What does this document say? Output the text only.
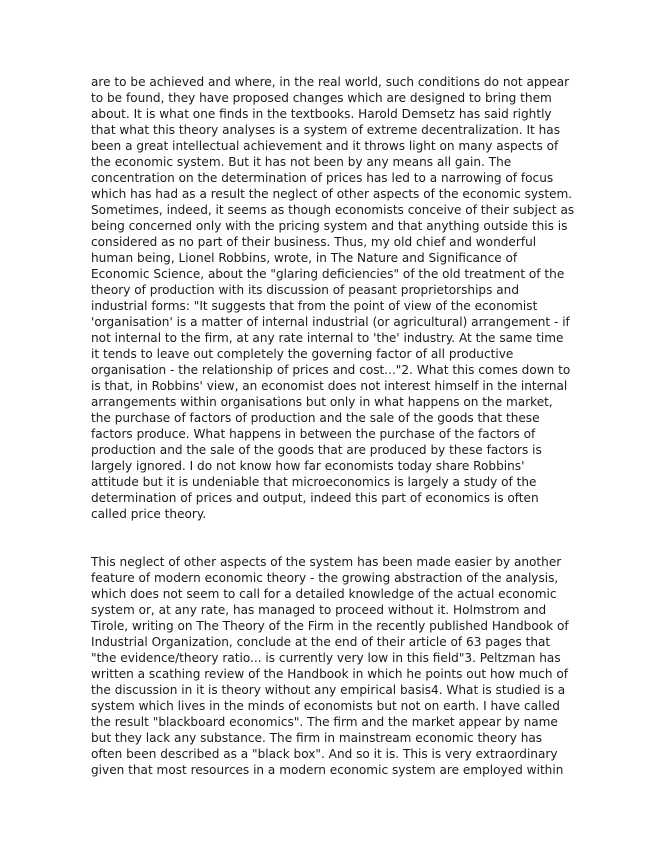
are to be achieved and where, in the real world, such conditions do not appear

to be found, they have proposed changes which are designed to bring them

about. It is what one finds in the textbooks. Harold Demsetz has said rightly

that what this theory analyses is a system of extreme decentralization. It has

been a great intellectual achievement and it throws light on many aspects of

the economic system. But it has not been by any means all gain. The

concentration on the determination of prices has led to a narrowing of focus

which has had as a result the neglect of other aspects of the economic system.

Sometimes, indeed, it seems as though economists conceive of their subject as

being concerned only with the pricing system and that anything outside this is

considered as no part of their business. Thus, my old chief and wonderful

human being, Lionel Robbins, wrote, in The Nature and Significance of

Economic Science, about the "glaring deficiencies" of the old treatment of the

theory of production with its discussion of peasant proprietorships and

industrial forms: "It suggests that from the point of view of the economist

'organisation' is a matter of internal industrial (or agricultural) arrangement - if

not internal to the firm, at any rate internal to 'the' industry. At the same time

it tends to leave out completely the governing factor of all productive

organisation - the relationship of prices and cost..."2. What this comes down to

is that, in Robbins' view, an economist does not interest himself in the internal

arrangements within organisations but only in what happens on the market,

the purchase of factors of production and the sale of the goods that these

factors produce. What happens in between the purchase of the factors of

production and the sale of the goods that are produced by these factors is

largely ignored. I do not know how far economists today share Robbins'

attitude but it is undeniable that microeconomics is largely a study of the

determination of prices and output, indeed this part of economics is often

called price theory.

This neglect of other aspects of the system has been made easier by another

feature of modern economic theory - the growing abstraction of the analysis,

which does not seem to call for a detailed knowledge of the actual economic

system or, at any rate, has managed to proceed without it. Holmstrom and

Tirole, writing on The Theory of the Firm in the recently published Handbook of

Industrial Organization, conclude at the end of their article of 63 pages that

"the evidence/theory ratio... is currently very low in this field"3. Peltzman has

written a scathing review of the Handbook in which he points out how much of

the discussion in it is theory without any empirical basis4. What is studied is a

system which lives in the minds of economists but not on earth. I have called

the result "blackboard economics". The firm and the market appear by name

but they lack any substance. The firm in mainstream economic theory has

often been described as a "black box". And so it is. This is very extraordinary

given that most resources in a modern economic system are employed within
